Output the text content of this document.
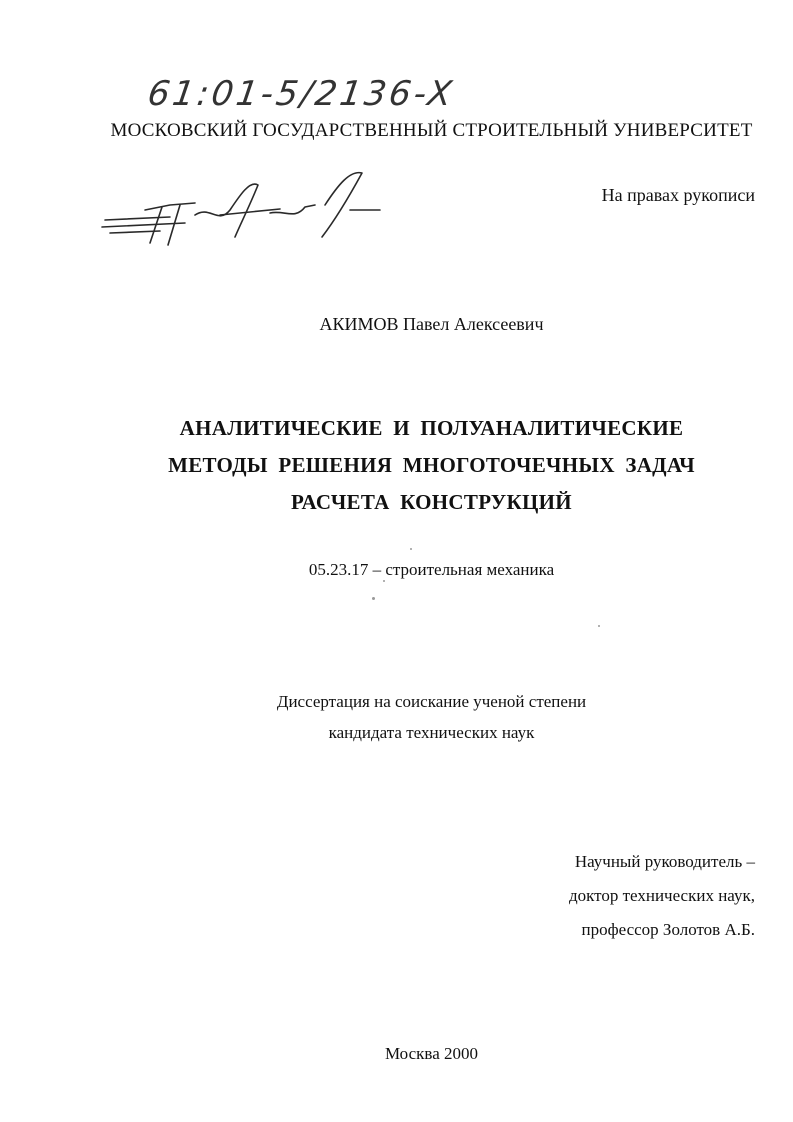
61:01-5/2136-X
МОСКОВСКИЙ ГОСУДАРСТВЕННЫЙ СТРОИТЕЛЬНЫЙ УНИВЕРСИТЕТ
На правах рукописи
АКИМОВ Павел Алексеевич
АНАЛИТИЧЕСКИЕ И ПОЛУАНАЛИТИЧЕСКИЕ
МЕТОДЫ РЕШЕНИЯ МНОГОТОЧЕЧНЫХ ЗАДАЧ
РАСЧЕТА КОНСТРУКЦИЙ
05.23.17 – строительная механика
Диссертация на соискание ученой степени
кандидата технических наук
Научный руководитель –
доктор технических наук,
профессор Золотов А.Б.
Москва 2000
